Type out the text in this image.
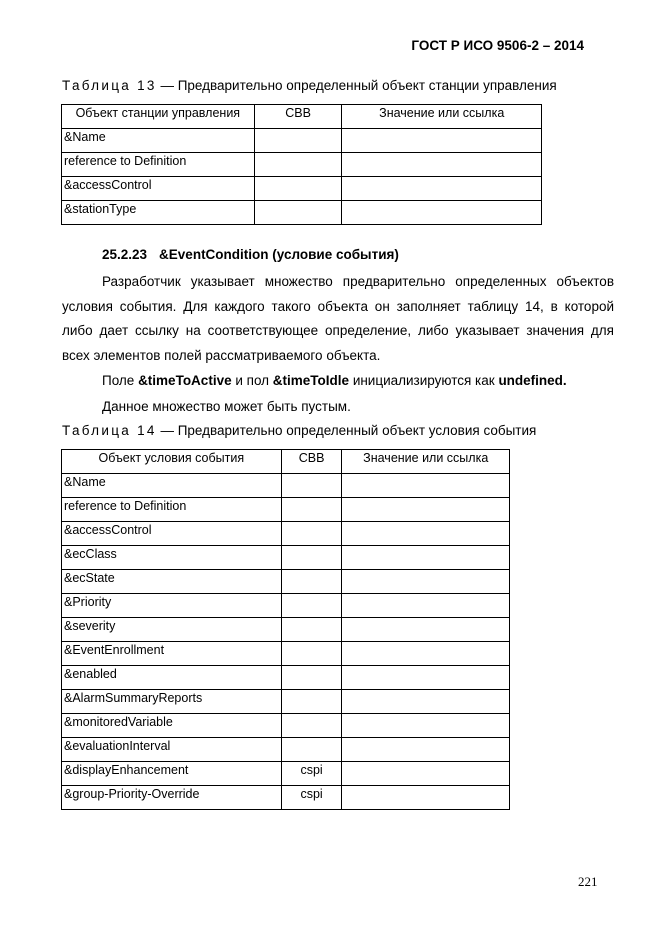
ГОСТ Р ИСО 9506-2 – 2014
Таблица 13 — Предварительно определенный объект станции управления
Объект станции управления	СВВ	Значение или ссылка
&Name		
reference to Definition		
&accessControl		
&stationType		
25.2.23 &EventCondition (условие события)
Разработчик указывает множество предварительно определенных объектов условия события. Для каждого такого объекта он заполняет таблицу 14, в которой либо дает ссылку на соответствующее определение, либо указывает значения для всех элементов полей рассматриваемого объекта.
Поле &timeToActive и пол &timeToIdle инициализируются как undefined.
Данное множество может быть пустым.
Таблица 14 — Предварительно определенный объект условия события
Объект условия события	СВВ	Значение или ссылка
&Name		
reference to Definition		
&accessControl		
&ecClass		
&ecState		
&Priority		
&severity		
&EventEnrollment		
&enabled		
&AlarmSummaryReports		
&monitoredVariable		
&evaluationInterval		
&displayEnhancement	cspi	
&group-Priority-Override	cspi	
221
